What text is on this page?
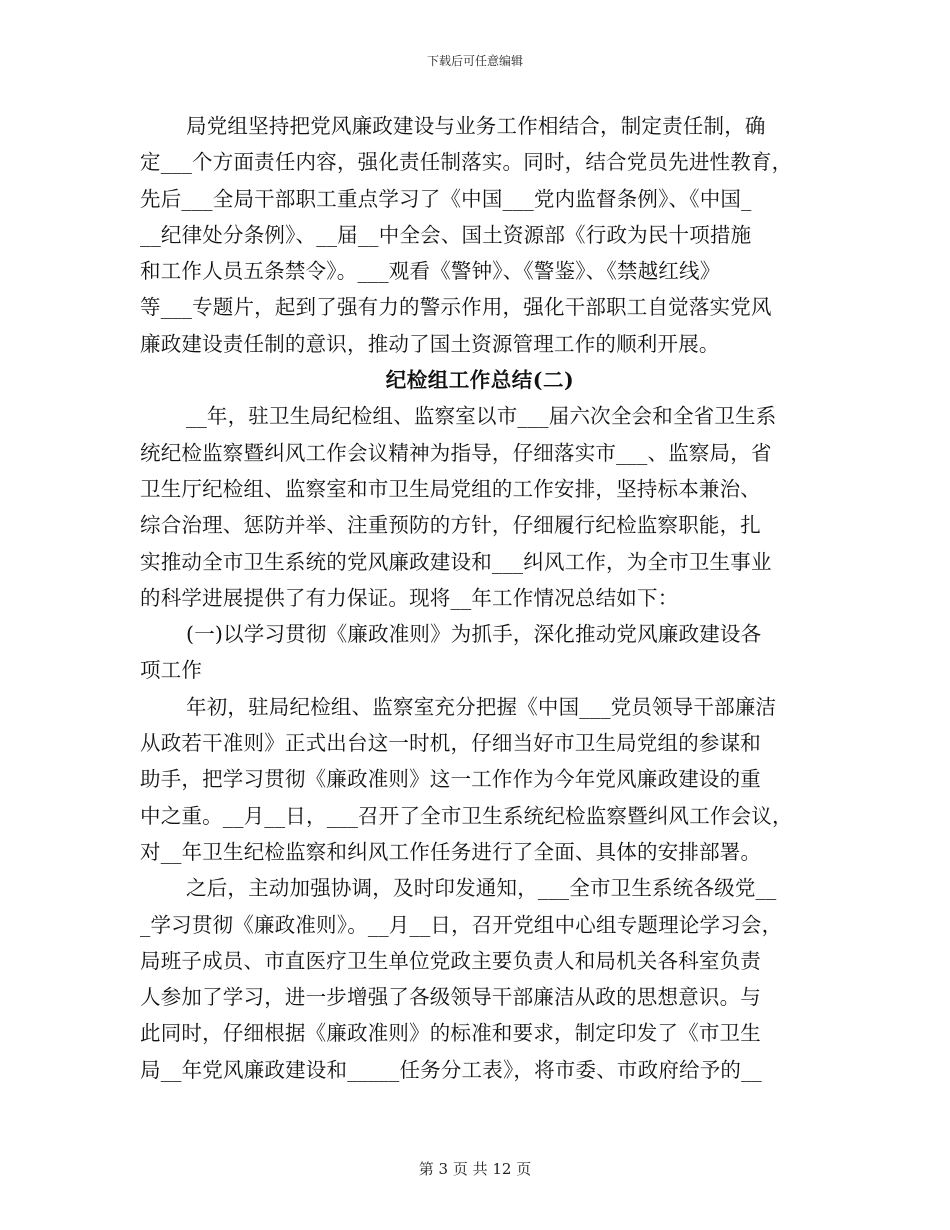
下载后可任意编辑
局党组坚持把党风廉政建设与业务工作相结合，制定责任制，确
定___个方面责任内容，强化责任制落实。同时，结合党员先进性教育，
先后___全局干部职工重点学习了《中国___党内监督条例》、《中国_
__纪律处分条例》、__届__中全会、国土资源部《行政为民十项措施
和工作人员五条禁令》。___观看《警钟》、《警鉴》、《禁越红线》
等___专题片，起到了强有力的警示作用，强化干部职工自觉落实党风
廉政建设责任制的意识，推动了国土资源管理工作的顺利开展。
纪检组工作总结(二)
__年，驻卫生局纪检组、监察室以市___届六次全会和全省卫生系
统纪检监察暨纠风工作会议精神为指导，仔细落实市___、监察局，省
卫生厅纪检组、监察室和市卫生局党组的工作安排，坚持标本兼治、
综合治理、惩防并举、注重预防的方针，仔细履行纪检监察职能，扎
实推动全市卫生系统的党风廉政建设和___纠风工作，为全市卫生事业
的科学进展提供了有力保证。现将__年工作情况总结如下：
(一)以学习贯彻《廉政准则》为抓手，深化推动党风廉政建设各
项工作
年初，驻局纪检组、监察室充分把握《中国___党员领导干部廉洁
从政若干准则》正式出台这一时机，仔细当好市卫生局党组的参谋和
助手，把学习贯彻《廉政准则》这一工作作为今年党风廉政建设的重
中之重。__月__日，___召开了全市卫生系统纪检监察暨纠风工作会议，
对__年卫生纪检监察和纠风工作任务进行了全面、具体的安排部署。
之后，主动加强协调，及时印发通知，___全市卫生系统各级党__
_学习贯彻《廉政准则》。__月__日，召开党组中心组专题理论学习会，
局班子成员、市直医疗卫生单位党政主要负责人和局机关各科室负责
人参加了学习，进一步增强了各级领导干部廉洁从政的思想意识。与
此同时，仔细根据《廉政准则》的标准和要求，制定印发了《市卫生
局__年党风廉政建设和_____任务分工表》，将市委、市政府给予的__
第 3 页 共 12 页
